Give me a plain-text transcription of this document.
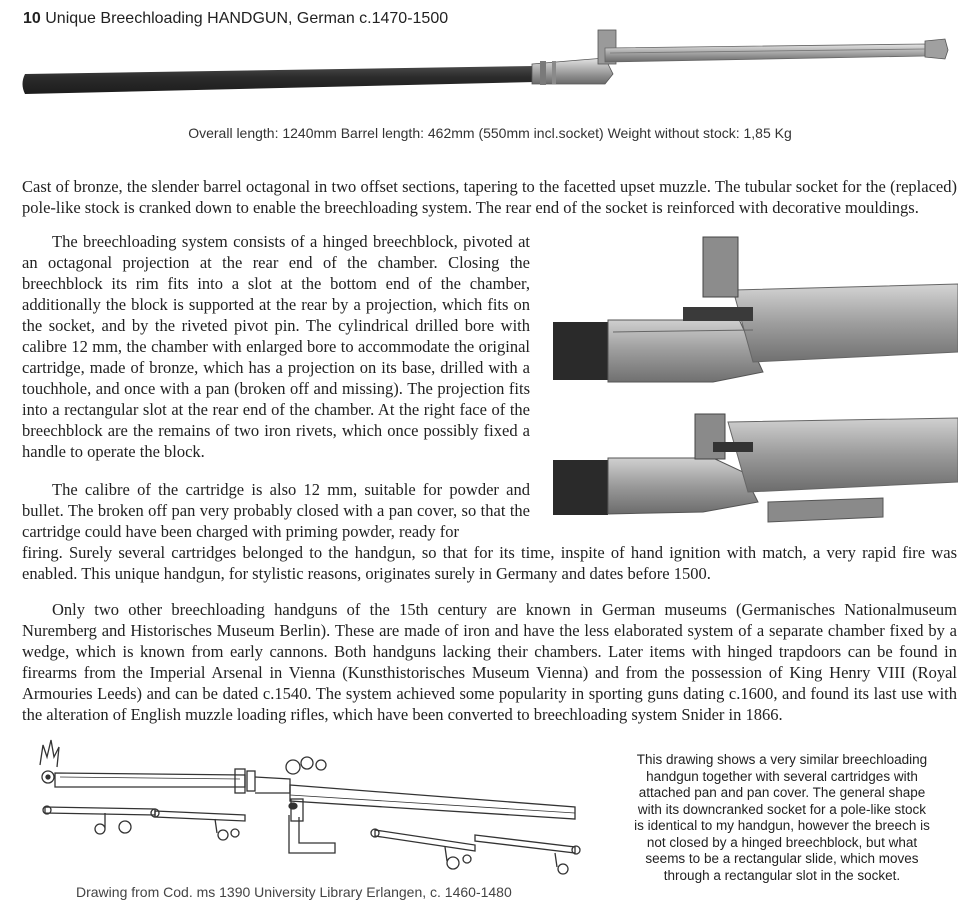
10 Unique Breechloading HANDGUN, German c.1470-1500
Overall length: 1240mm Barrel length: 462mm (550mm incl.socket) Weight without stock: 1,85 Kg

Cast of bronze, the slender barrel octagonal in two offset sections, tapering to the facetted upset muzzle. The tubular socket for the (replaced) pole-like stock is cranked down to enable the breechloading system. The rear end of the socket is reinforced with decorative mouldings.

The breechloading system consists of a hinged breechblock, pivoted at an octagonal projection at the rear end of the chamber. Closing the breechblock its rim fits into a slot at the bottom end of the chamber, additionally the block is supported at the rear by a projection, which fits on the socket, and by the riveted pivot pin. The cylindrical drilled bore with calibre 12 mm, the chamber with enlarged bore to accommodate the original cartridge, made of bronze, which has a projection on its base, drilled with a touchhole, and once with a pan (broken off and missing). The projection fits into a rectangular slot at the rear end of the chamber. At the right face of the breechblock are the remains of two iron rivets, which once possibly fixed a handle to operate the block.

The calibre of the cartridge is also 12 mm, suitable for powder and bullet. The broken off pan very probably closed with a pan cover, so that the cartridge could have been charged with priming powder, ready for

firing. Surely several cartridges belonged to the handgun, so that for its time, inspite of hand ignition with match, a very rapid fire was enabled. This unique handgun, for stylistic reasons, originates surely in Germany and dates before 1500.

Only two other breechloading handguns of the 15th century are known in German museums (Germanisches Nationalmuseum Nuremberg and Historisches Museum Berlin). These are made of iron and have the less elaborated system of a separate chamber fixed by a wedge, which is known from early cannons. Both handguns lacking their chambers. Later items with hinged trapdoors can be found in firearms from the Imperial Arsenal in Vienna (Kunsthistorisches Museum Vienna) and from the possession of King Henry VIII (Royal Armouries Leeds) and can be dated c.1540. The system achieved some popularity in sporting guns dating c.1600, and found its last use with the alteration of English muzzle loading rifles, which have been converted to breechloading system Snider in 1866.

Drawing from Cod. ms 1390 University Library Erlangen, c. 1460-1480
This drawing shows a very similar breechloading handgun together with several cartridges with attached pan and pan cover. The general shape with its downcranked socket for a pole-like stock is identical to my handgun, however the breech is not closed by a hinged breechblock, but what seems to be a rectangular slide, which moves through a rectangular slot in the socket.
